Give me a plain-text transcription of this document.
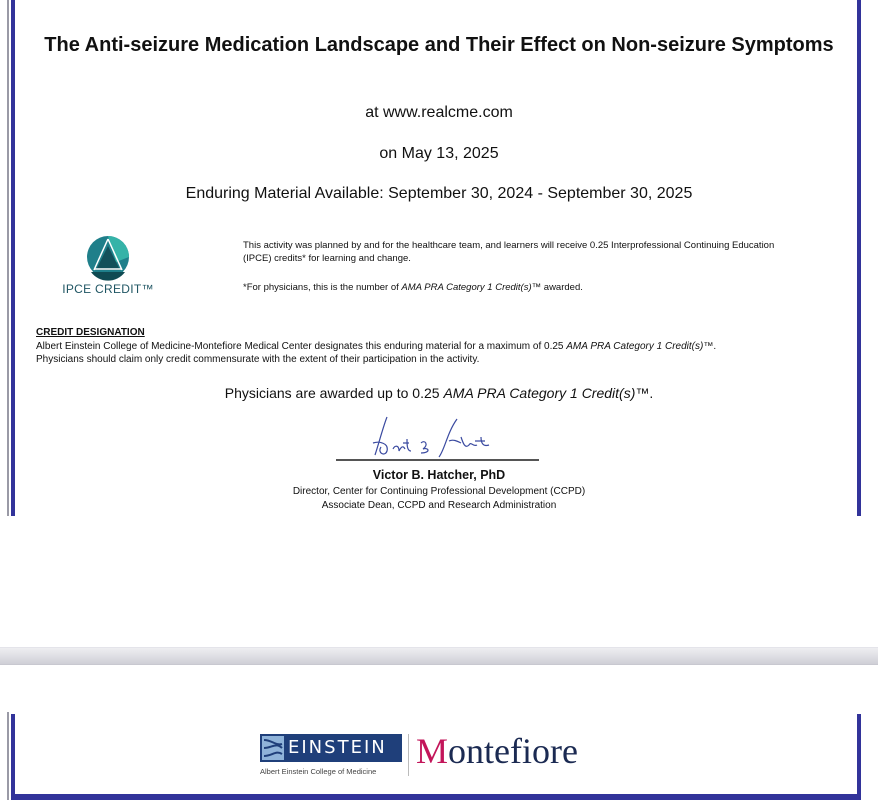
The Anti-seizure Medication Landscape and Their Effect on Non-seizure Symptoms
at www.realcme.com
on May 13, 2025
Enduring Material Available: September 30, 2024 - September 30, 2025
IPCE CREDIT™
This activity was planned by and for the healthcare team, and learners will receive 0.25 Interprofessional Continuing Education (IPCE) credits* for learning and change.
*For physicians, this is the number of AMA PRA Category 1 Credit(s)™ awarded.
CREDIT DESIGNATION
Albert Einstein College of Medicine-Montefiore Medical Center designates this enduring material for a maximum of 0.25 AMA PRA Category 1 Credit(s)™.
Physicians should claim only credit commensurate with the extent of their participation in the activity.
Physicians are awarded up to 0.25 AMA PRA Category 1 Credit(s)™.
Victor B. Hatcher, PhD
Director, Center for Continuing Professional Development (CCPD)
Associate Dean, CCPD and Research Administration
EINSTEIN
Albert Einstein College of Medicine
Montefiore
